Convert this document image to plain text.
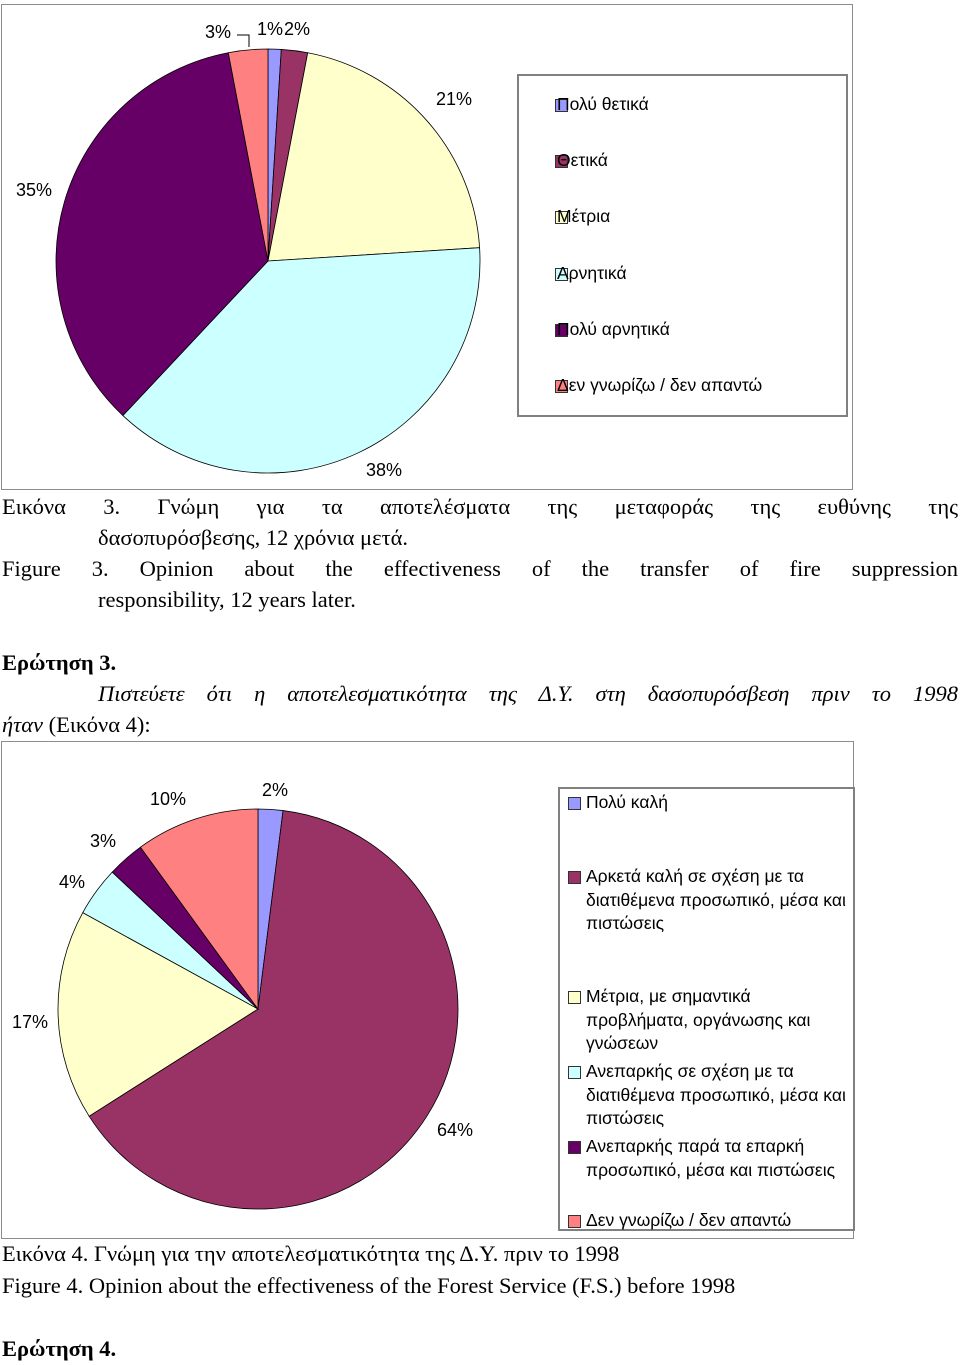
1% 2%
21%
38%
35%
3%
Πολύ θετικά
Θετικά
Μέτρια
Αρνητικά
Πολύ αρνητικά
Δεν γνωρίζω / δεν απαντώ
Εικόνα 3. Γνώμη για τα αποτελέσματα της μεταφοράς της ευθύνης της
δασοπυρόσβεσης, 12 χρόνια μετά.
Figure 3. Opinion about the effectiveness of the transfer of fire suppression
responsibility, 12 years later.
Ερώτηση 3.
Πιστεύετε ότι η αποτελεσματικότητα της Δ.Υ. στη δασοπυρόσβεση πριν το 1998
ήταν (Εικόνα 4):
2%
64%
17%
4%
3%
10%	Πολύ καλή
Αρκετά καλή σε σχέση με τα διατιθέμενα προσωπικό, μέσα και πιστώσεις
Μέτρια, με σημαντικά προβλήματα, οργάνωσης και γνώσεων
Ανεπαρκής σε σχέση με τα διατιθέμενα προσωπικό, μέσα και πιστώσεις
Ανεπαρκής παρά τα επαρκή προσωπικό, μέσα και πιστώσεις
Δεν γνωρίζω / δεν απαντώ
Εικόνα 4. Γνώμη για την αποτελεσματικότητα της Δ.Υ. πριν το 1998
Figure 4. Opinion about the effectiveness of the Forest Service (F.S.) before 1998
Ερώτηση 4.
